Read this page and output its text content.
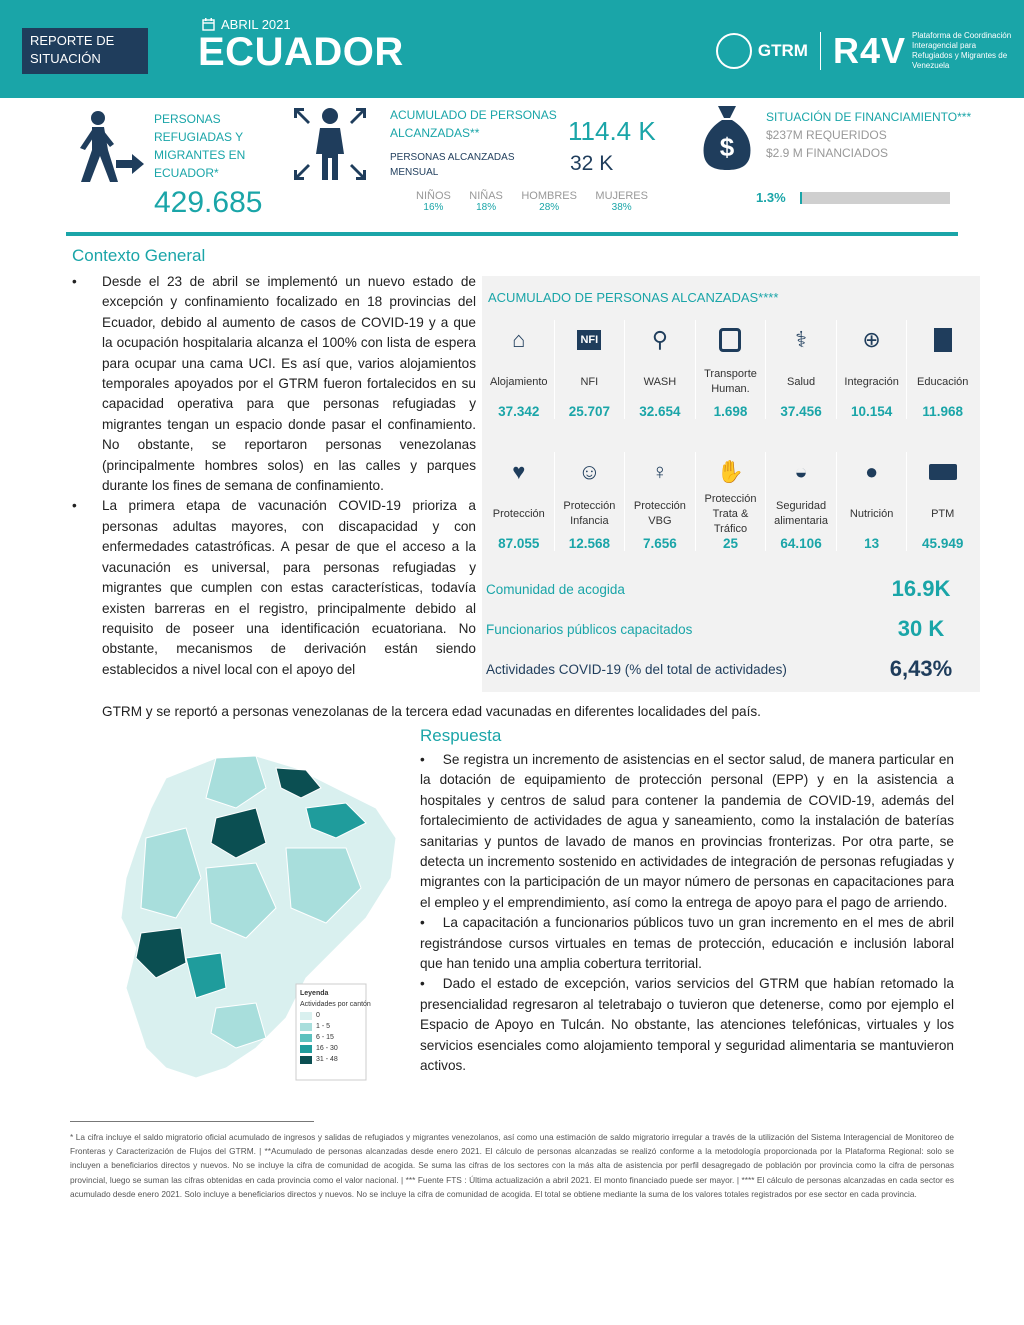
REPORTE DE SITUACIÓN
ABRIL 2021
ECUADOR	GTRM R4V Plataforma de Coordinación Interagencial para Refugiados y Migrantes de Venezuela
PERSONAS REFUGIADAS Y MIGRANTES EN ECUADOR*
429.685
ACUMULADO DE PERSONAS ALCANZADAS**	114.4 K
PERSONAS ALCANZADAS MENSUAL	32 K
NIÑOS
16%
NIÑAS
18%
HOMBRES
28%
MUJERES
38%
$
SITUACIÓN DE FINANCIAMIENTO***
$237M REQUERIDOS
$2.9 M FINANCIADOS
1.3%
Contexto General
• Desde el 23 de abril se implementó un nuevo estado de excepción y confinamiento focalizado en 18 provincias del Ecuador, debido al aumento de casos de COVID-19 y a que la ocupación hospitalaria alcanza el 100% con lista de espera para ocupar una cama UCI. Es así que, varios alojamientos temporales apoyados por el GTRM fueron fortalecidos en su capacidad operativa para que personas refugiadas y migrantes tengan un espacio donde pasar el confinamiento. No obstante, se reportaron personas venezolanas (principalmente hombres solos) en las calles y parques durante los fines de semana de confinamiento.
• La primera etapa de vacunación COVID-19 prioriza a personas adultas mayores, con discapacidad y con enfermedades catastróficas. A pesar de que el acceso a la vacunación es universal, para personas refugiadas y migrantes que cumplen con estas características, todavía existen barreras en el registro, principalmente debido al requisito de poseer una identificación ecuatoriana. No obstante, mecanismos de derivación están siendo establecidos a nivel local con el apoyo del
GTRM y se reportó a personas venezolanas de la tercera edad vacunadas en diferentes localidades del país.
ACUMULADO DE PERSONAS ALCANZADAS****
⌂
Alojamiento
37.342
NFI
NFI
25.707
⚲
WASH
32.654
Transporte Human.
1.698
⚕
Salud
37.456
⊕
Integración
10.154
Educación
11.968
♥
Protección
87.055
☺
Protección Infancia
12.568
♀
Protección VBG
7.656
✋
Protección Trata & Tráfico
25
◒
Seguridad alimentaria
64.106
●
Nutrición
13
PTM
45.949
Comunidad de acogida	16.9K
Funcionarios públicos capacitados	30 K
Actividades COVID-19 (% del total de actividades)	6,43%
Respuesta
• Se registra un incremento de asistencias en el sector salud, de manera particular en la dotación de equipamiento de protección personal (EPP) y en la asistencia a hospitales y centros de salud para contener la pandemia de COVID-19, además del fortalecimiento de actividades de agua y saneamiento, como la instalación de baterías sanitarias y puntos de lavado de manos en provincias fronterizas. Por otra parte, se detecta un incremento sostenido en actividades de integración de personas refugiadas y migrantes con la participación de un mayor número de personas en capacitaciones para el empleo y el emprendimiento, así como la entrega de apoyo para el pago de arriendo.
• La capacitación a funcionarios públicos tuvo un gran incremento en el mes de abril registrándose cursos virtuales en temas de protección, educación e inclusión laboral que han tenido una amplia cobertura territorial.
• Dado el estado de excepción, varios servicios del GTRM que habían retomado la presencialidad regresaron al teletrabajo o tuvieron que detenerse, como por ejemplo el Espacio de Apoyo en Tulcán. No obstante, las atenciones telefónicas, virtuales y los servicios esenciales como alojamiento temporal y seguridad alimentaria se mantuvieron activos.
Leyenda
Actividades por cantón
0
1 - 5
6 - 15
16 - 30
31 - 48
* La cifra incluye el saldo migratorio oficial acumulado de ingresos y salidas de refugiados y migrantes venezolanos, así como una estimación de saldo migratorio irregular a través de la utilización del Sistema Interagencial de Monitoreo de Fronteras y Caracterización de Flujos del GTRM. | **Acumulado de personas alcanzadas desde enero 2021. El cálculo de personas alcanzadas se realizó conforme a la metodología proporcionada por la Plataforma Regional: solo se incluyen a beneficiarios directos y nuevos. No se incluye la cifra de comunidad de acogida. Se suma las cifras de los sectores con la más alta de asistencia por perfil desagregado de población por provincia como la cifra de personas provincial, luego se suman las cifras obtenidas en cada provincia como el valor nacional. | *** Fuente FTS : Última actualización a abril 2021. El monto financiado puede ser mayor. | **** El cálculo de personas alcanzadas en cada sector es acumulado desde enero 2021. Solo incluye a beneficiarios directos y nuevos. No se incluye la cifra de comunidad de acogida. El total se obtiene mediante la suma de los valores totales registrados por ese sector en cada provincia.
